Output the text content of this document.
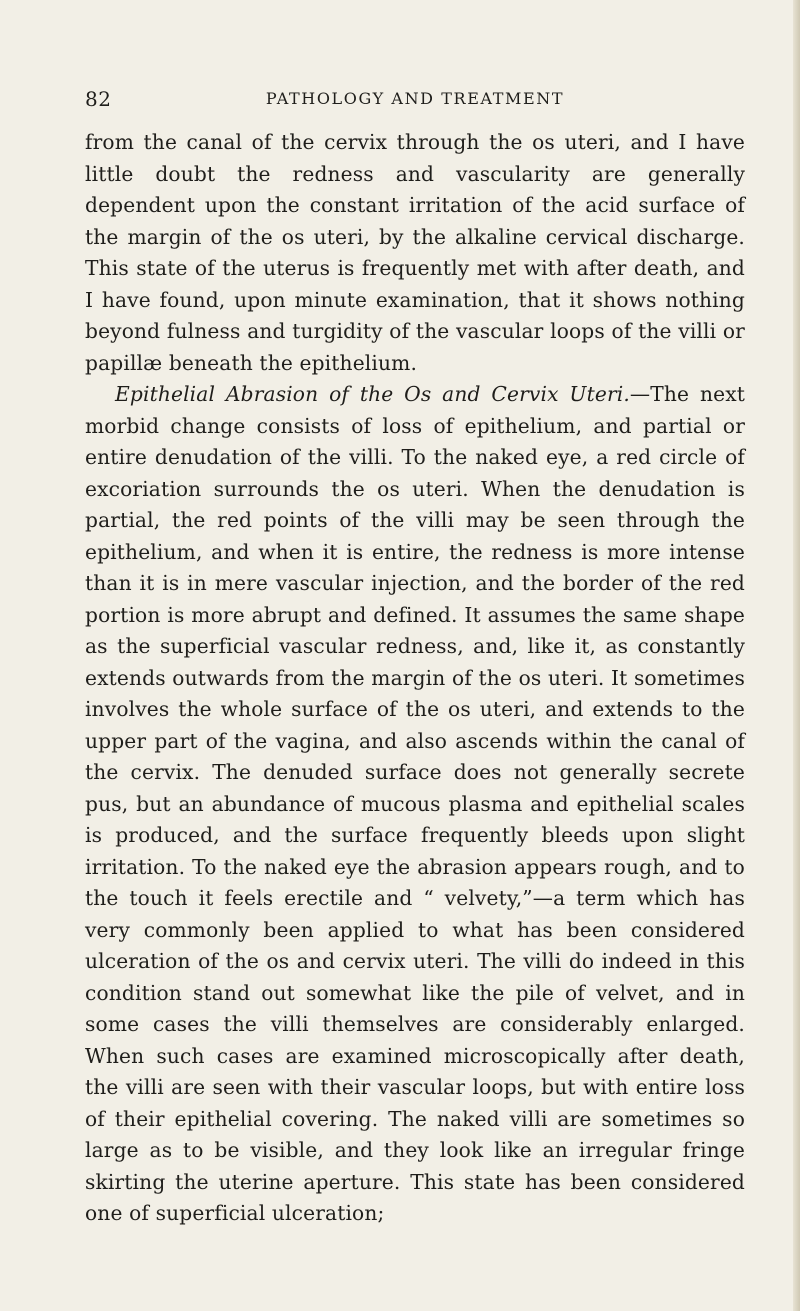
82	PATHOLOGY AND TREATMENT

from the canal of the cervix through the os uteri, and I have little doubt the redness and vascularity are generally dependent upon the constant irritation of the acid surface of the margin of the os uteri, by the alkaline cervical discharge. This state of the uterus is frequently met with after death, and I have found, upon minute examination, that it shows nothing beyond fulness and turgidity of the vascular loops of the villi or papillæ beneath the epithelium.

Epithelial Abrasion of the Os and Cervix Uteri.—The next morbid change consists of loss of epithelium, and partial or entire denudation of the villi. To the naked eye, a red circle of excoriation surrounds the os uteri. When the denudation is partial, the red points of the villi may be seen through the epithelium, and when it is entire, the redness is more intense than it is in mere vascular injection, and the border of the red portion is more abrupt and defined. It assumes the same shape as the superficial vascular redness, and, like it, as constantly extends outwards from the margin of the os uteri. It sometimes involves the whole surface of the os uteri, and extends to the upper part of the vagina, and also ascends within the canal of the cervix. The denuded surface does not generally secrete pus, but an abundance of mucous plasma and epithelial scales is produced, and the surface frequently bleeds upon slight irritation. To the naked eye the abrasion appears rough, and to the touch it feels erectile and “ velvety,”—a term which has very commonly been applied to what has been considered ulceration of the os and cervix uteri. The villi do indeed in this condition stand out somewhat like the pile of velvet, and in some cases the villi themselves are considerably enlarged. When such cases are examined microscopically after death, the villi are seen with their vascular loops, but with entire loss of their epithelial covering. The naked villi are sometimes so large as to be visible, and they look like an irregular fringe skirting the uterine aperture. This state has been considered one of superficial ulceration;
